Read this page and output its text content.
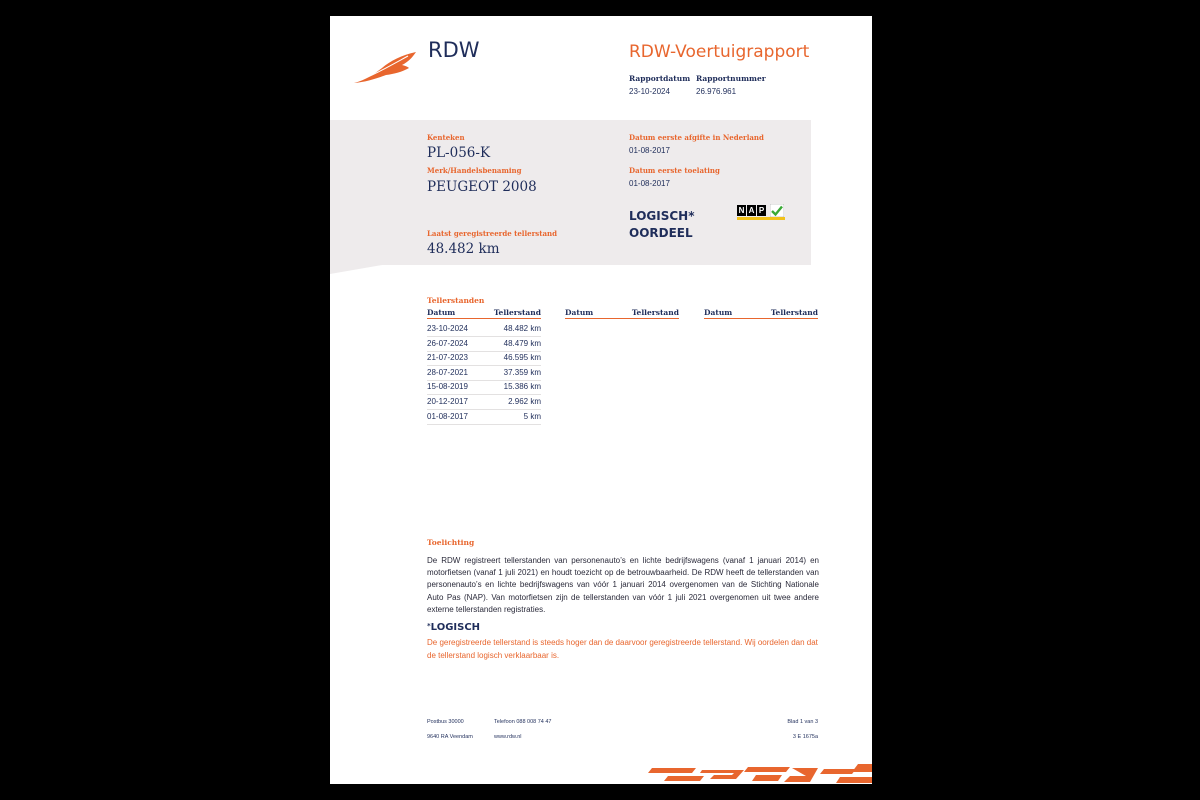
RDW	RDW-Voertuigrapport
Rapportdatum
23-10-2024
Rapportnummer
26.976.961
Kenteken
PL-056-K
Merk/Handelsbenaming
PEUGEOT 2008
Laatst geregistreerde tellerstand
48.482 km
Datum eerste afgifte in Nederland
01-08-2017
Datum eerste toelating
01-08-2017
LOGISCH*
OORDEEL
N A P
Tellerstanden
Datum	Tellerstand	Datum	Tellerstand	Datum	Tellerstand
23-10-2024	48.482 km
26-07-2024	48.479 km
21-07-2023	46.595 km
28-07-2021	37.359 km
15-08-2019	15.386 km
20-12-2017	2.962 km
01-08-2017	5 km
Toelichting
De RDW registreert tellerstanden van personenauto’s en lichte bedrijfswagens (vanaf 1 januari 2014) en motorfietsen (vanaf 1 juli 2021) en houdt toezicht op de betrouwbaarheid. De RDW heeft de tellerstanden van personenauto’s en lichte bedrijfswagens van vóór 1 januari 2014 overgenomen van de Stichting Nationale Auto Pas (NAP). Van motorfietsen zijn de tellerstanden van vóór 1 juli 2021 overgenomen uit twee andere externe tellerstanden registraties.
*LOGISCH
De geregistreerde tellerstand is steeds hoger dan de daarvoor geregistreerde tellerstand. Wij oordelen dan dat de tellerstand logisch verklaarbaar is.
Postbus 30000
9640 RA Veendam
Telefoon 088 008 74 47
www.rdw.nl
Blad 1 van 3
3 E 1675a
